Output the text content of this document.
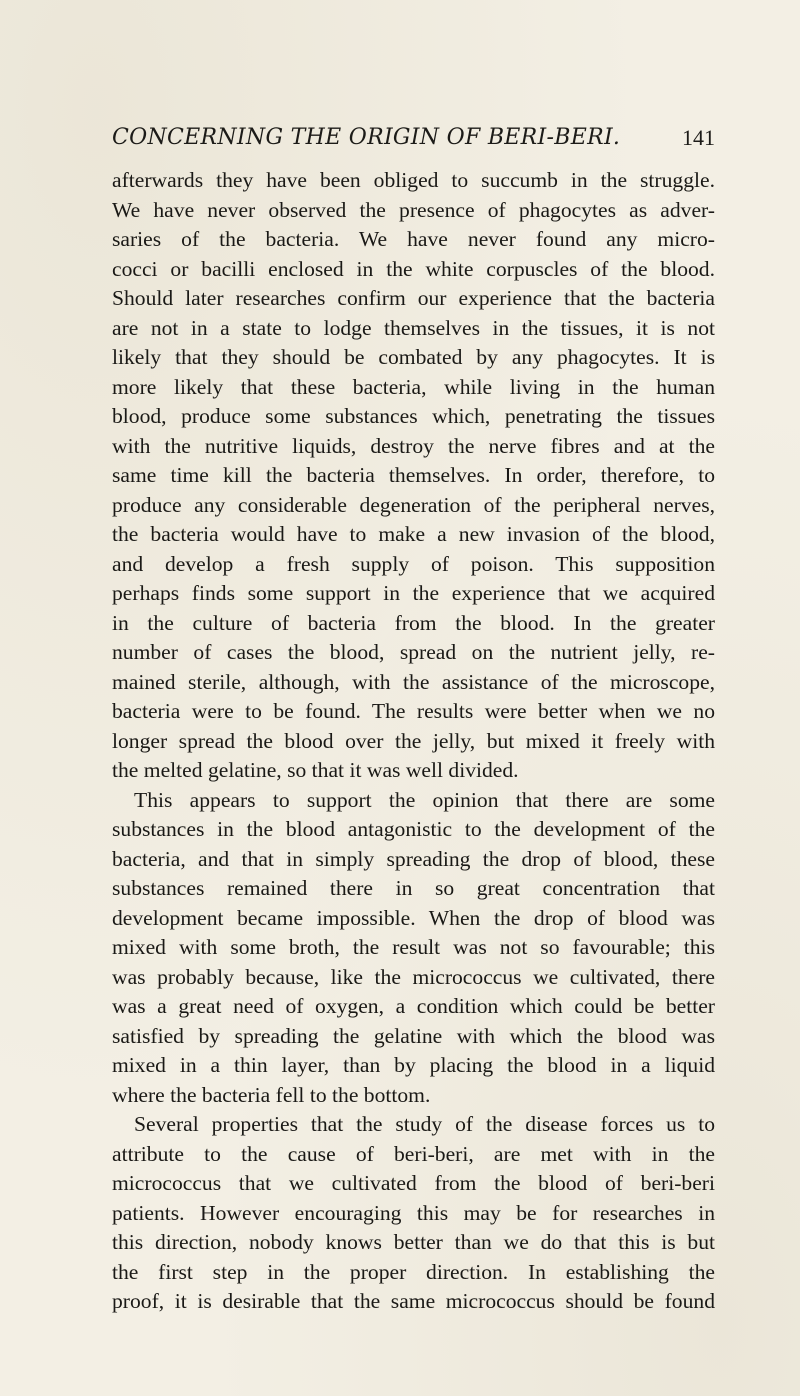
CONCERNING THE ORIGIN OF BERI-BERI.	141
afterwards they have been obliged to succumb in the struggle.
We have never observed the presence of phagocytes as adver-
saries of the bacteria. We have never found any micro-
cocci or bacilli enclosed in the white corpuscles of the blood.
Should later researches confirm our experience that the bacteria
are not in a state to lodge themselves in the tissues, it is not
likely that they should be combated by any phagocytes. It is
more likely that these bacteria, while living in the human
blood, produce some substances which, penetrating the tissues
with the nutritive liquids, destroy the nerve fibres and at the
same time kill the bacteria themselves. In order, therefore, to
produce any considerable degeneration of the peripheral nerves,
the bacteria would have to make a new invasion of the blood,
and develop a fresh supply of poison. This supposition
perhaps finds some support in the experience that we acquired
in the culture of bacteria from the blood. In the greater
number of cases the blood, spread on the nutrient jelly, re-
mained sterile, although, with the assistance of the microscope,
bacteria were to be found. The results were better when we no
longer spread the blood over the jelly, but mixed it freely with
the melted gelatine, so that it was well divided.
This appears to support the opinion that there are some
substances in the blood antagonistic to the development of the
bacteria, and that in simply spreading the drop of blood, these
substances remained there in so great concentration that
development became impossible. When the drop of blood was
mixed with some broth, the result was not so favourable; this
was probably because, like the micrococcus we cultivated, there
was a great need of oxygen, a condition which could be better
satisfied by spreading the gelatine with which the blood was
mixed in a thin layer, than by placing the blood in a liquid
where the bacteria fell to the bottom.
Several properties that the study of the disease forces us to
attribute to the cause of beri-beri, are met with in the
micrococcus that we cultivated from the blood of beri-beri
patients. However encouraging this may be for researches in
this direction, nobody knows better than we do that this is but
the first step in the proper direction. In establishing the
proof, it is desirable that the same micrococcus should be found
